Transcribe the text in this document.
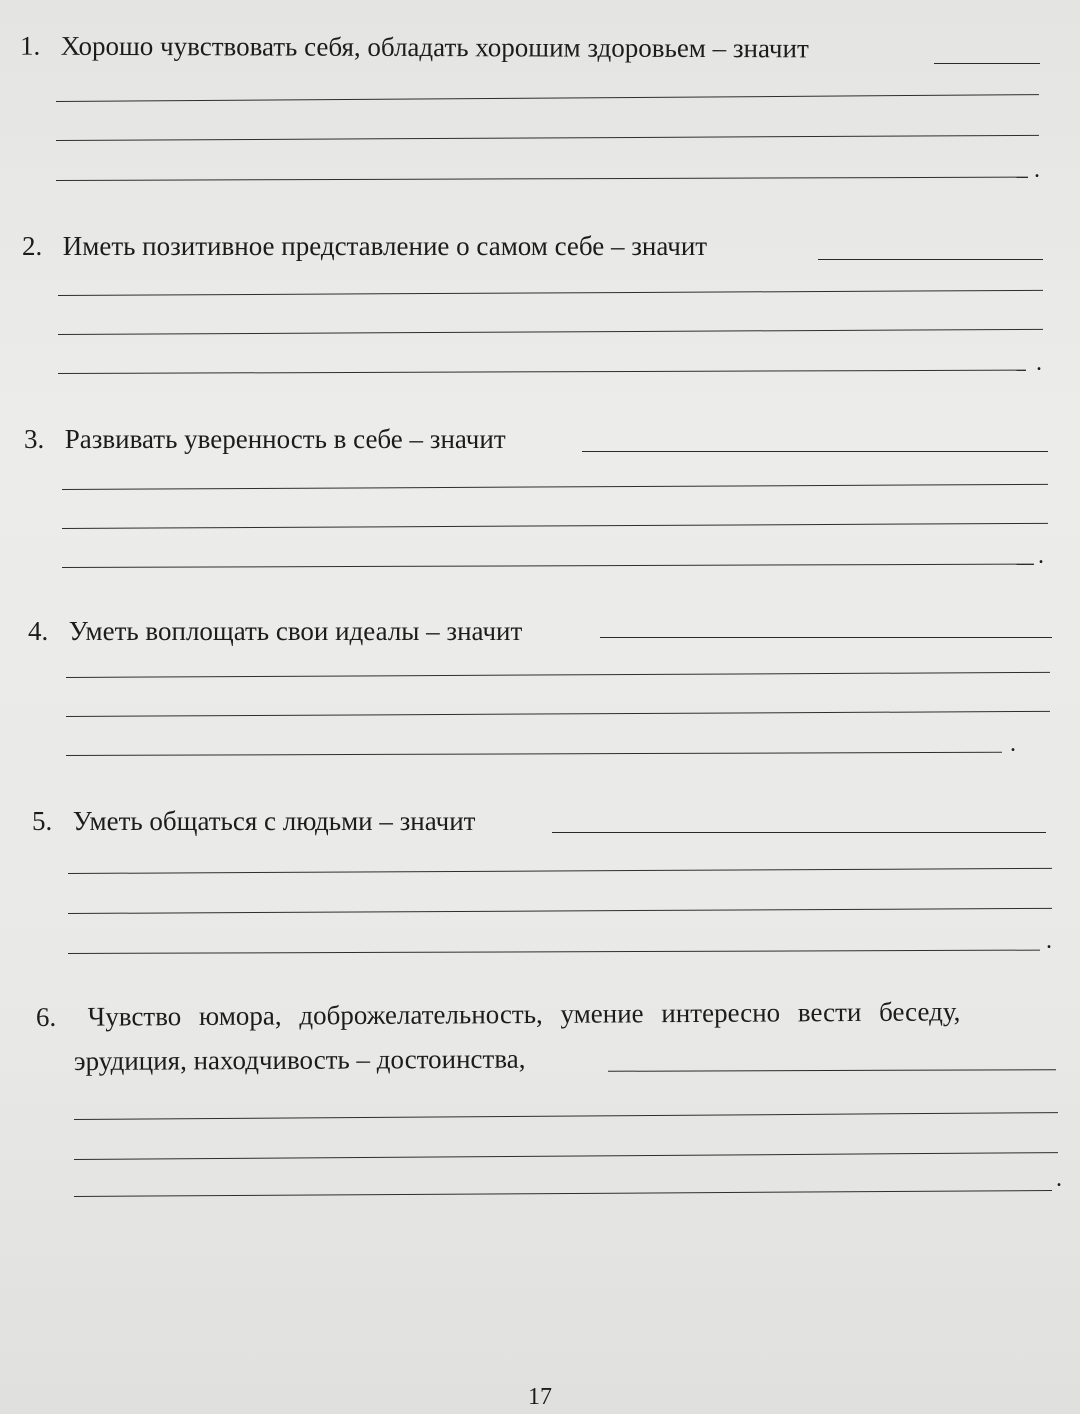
1. Хорошо чувствовать себя, обладать хорошим здоровьем – значит
.
2. Иметь позитивное представление о самом себе – значит
.
3. Развивать уверенность в себе – значит
.
4. Уметь воплощать свои идеалы – значит
.
5. Уметь общаться с людьми – значит
.
6. Чувство юмора, доброжелательность, умение интересно вести беседу,
эрудиция, находчивость – достоинства,
.
17
